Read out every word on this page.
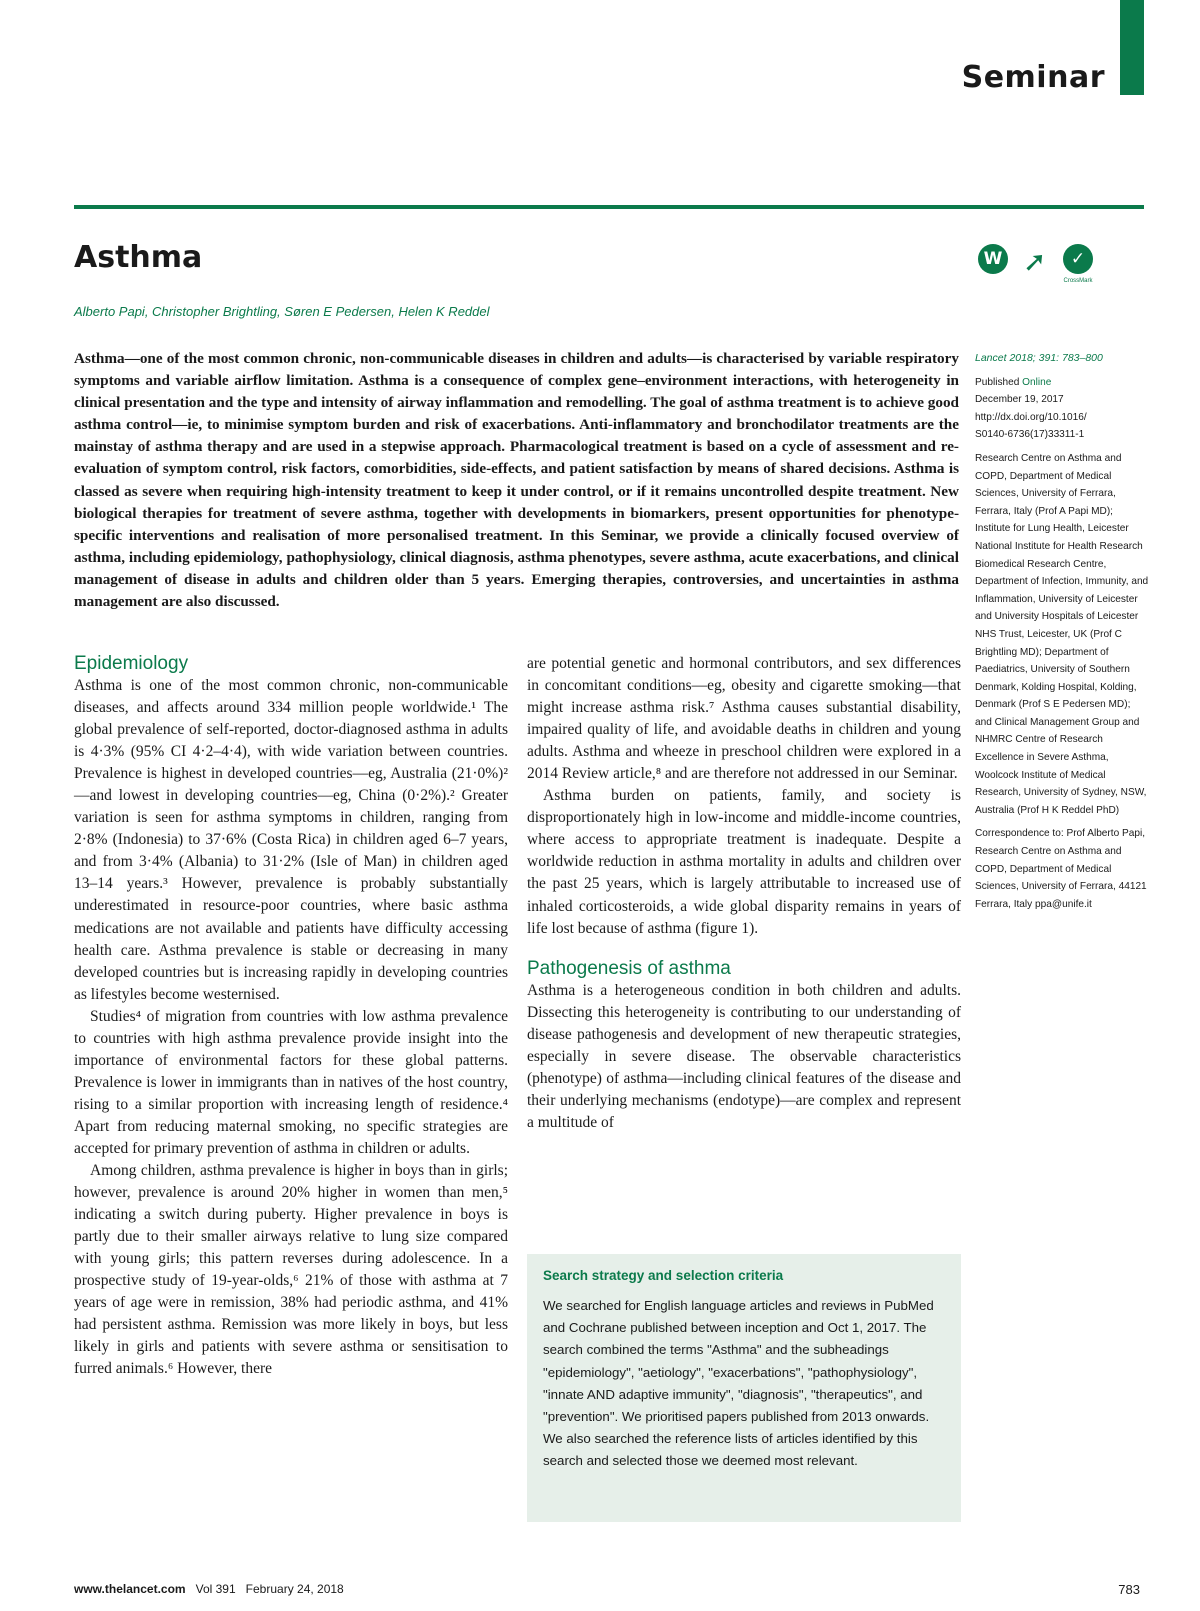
Seminar
Asthma
Alberto Papi, Christopher Brightling, Søren E Pedersen, Helen K Reddel
W ➚	✓
CrossMark

Asthma—one of the most common chronic, non-communicable diseases in children and adults—is characterised by variable respiratory symptoms and variable airflow limitation. Asthma is a consequence of complex gene–environment interactions, with heterogeneity in clinical presentation and the type and intensity of airway inflammation and remodelling. The goal of asthma treatment is to achieve good asthma control—ie, to minimise symptom burden and risk of exacerbations. Anti-inflammatory and bronchodilator treatments are the mainstay of asthma therapy and are used in a stepwise approach. Pharmacological treatment is based on a cycle of assessment and re-evaluation of symptom control, risk factors, comorbidities, side-effects, and patient satisfaction by means of shared decisions. Asthma is classed as severe when requiring high-intensity treatment to keep it under control, or if it remains uncontrolled despite treatment. New biological therapies for treatment of severe asthma, together with developments in biomarkers, present opportunities for phenotype-specific interventions and realisation of more personalised treatment. In this Seminar, we provide a clinically focused overview of asthma, including epidemiology, pathophysiology, clinical diagnosis, asthma phenotypes, severe asthma, acute exacerbations, and clinical management of disease in adults and children older than 5 years. Emerging therapies, controversies, and uncertainties in asthma management are also discussed.

Epidemiology

Asthma is one of the most common chronic, non-communicable diseases, and affects around 334 million people worldwide.¹ The global prevalence of self-reported, doctor-diagnosed asthma in adults is 4·3% (95% CI 4·2–4·4), with wide variation between countries. Prevalence is highest in developed countries—eg, Australia (21·0%)²—and lowest in developing countries—eg, China (0·2%).² Greater variation is seen for asthma symptoms in children, ranging from 2·8% (Indonesia) to 37·6% (Costa Rica) in children aged 6–7 years, and from 3·4% (Albania) to 31·2% (Isle of Man) in children aged 13–14 years.³ However, prevalence is probably substantially underestimated in resource-poor countries, where basic asthma medications are not available and patients have difficulty accessing health care. Asthma prevalence is stable or decreasing in many developed countries but is increasing rapidly in developing countries as lifestyles become westernised.

Studies⁴ of migration from countries with low asthma prevalence to countries with high asthma prevalence provide insight into the importance of environmental factors for these global patterns. Prevalence is lower in immigrants than in natives of the host country, rising to a similar proportion with increasing length of residence.⁴ Apart from reducing maternal smoking, no specific strategies are accepted for primary prevention of asthma in children or adults.

Among children, asthma prevalence is higher in boys than in girls; however, prevalence is around 20% higher in women than men,⁵ indicating a switch during puberty. Higher prevalence in boys is partly due to their smaller airways relative to lung size compared with young girls; this pattern reverses during adolescence. In a prospective study of 19-year-olds,⁶ 21% of those with asthma at 7 years of age were in remission, 38% had periodic asthma, and 41% had persistent asthma. Remission was more likely in boys, but less likely in girls and patients with severe asthma or sensitisation to furred animals.⁶ However, there

are potential genetic and hormonal contributors, and sex differences in concomitant conditions—eg, obesity and cigarette smoking—that might increase asthma risk.⁷ Asthma causes substantial disability, impaired quality of life, and avoidable deaths in children and young adults. Asthma and wheeze in preschool children were explored in a 2014 Review article,⁸ and are therefore not addressed in our Seminar.

Asthma burden on patients, family, and society is disproportionately high in low-income and middle-income countries, where access to appropriate treatment is inadequate. Despite a worldwide reduction in asthma mortality in adults and children over the past 25 years, which is largely attributable to increased use of inhaled corticosteroids, a wide global disparity remains in years of life lost because of asthma (figure 1).

Pathogenesis of asthma

Asthma is a heterogeneous condition in both children and adults. Dissecting this heterogeneity is contributing to our understanding of disease pathogenesis and development of new therapeutic strategies, especially in severe disease. The observable characteristics (phenotype) of asthma—including clinical features of the disease and their underlying mechanisms (endotype)—are complex and represent a multitude of

Search strategy and selection criteria

We searched for English language articles and reviews in PubMed and Cochrane published between inception and Oct 1, 2017. The search combined the terms "Asthma" and the subheadings "epidemiology", "aetiology", "exacerbations", "pathophysiology", "innate AND adaptive immunity", "diagnosis", "therapeutics", and "prevention". We prioritised papers published from 2013 onwards. We also searched the reference lists of articles identified by this search and selected those we deemed most relevant.

Lancet 2018; 391: 783–800
Published Online
December 19, 2017
http://dx.doi.org/10.1016/
S0140-6736(17)33311-1
Research Centre on Asthma and COPD, Department of Medical Sciences, University of Ferrara, Ferrara, Italy (Prof A Papi MD); Institute for Lung Health, Leicester National Institute for Health Research Biomedical Research Centre, Department of Infection, Immunity, and Inflammation, University of Leicester and University Hospitals of Leicester NHS Trust, Leicester, UK (Prof C Brightling MD); Department of Paediatrics, University of Southern Denmark, Kolding Hospital, Kolding, Denmark (Prof S E Pedersen MD); and Clinical Management Group and NHMRC Centre of Research Excellence in Severe Asthma, Woolcock Institute of Medical Research, University of Sydney, NSW, Australia (Prof H K Reddel PhD)
Correspondence to: Prof Alberto Papi, Research Centre on Asthma and COPD, Department of Medical Sciences, University of Ferrara, 44121 Ferrara, Italy ppa@unife.it
www.thelancet.com Vol 391 February 24, 2018	783
